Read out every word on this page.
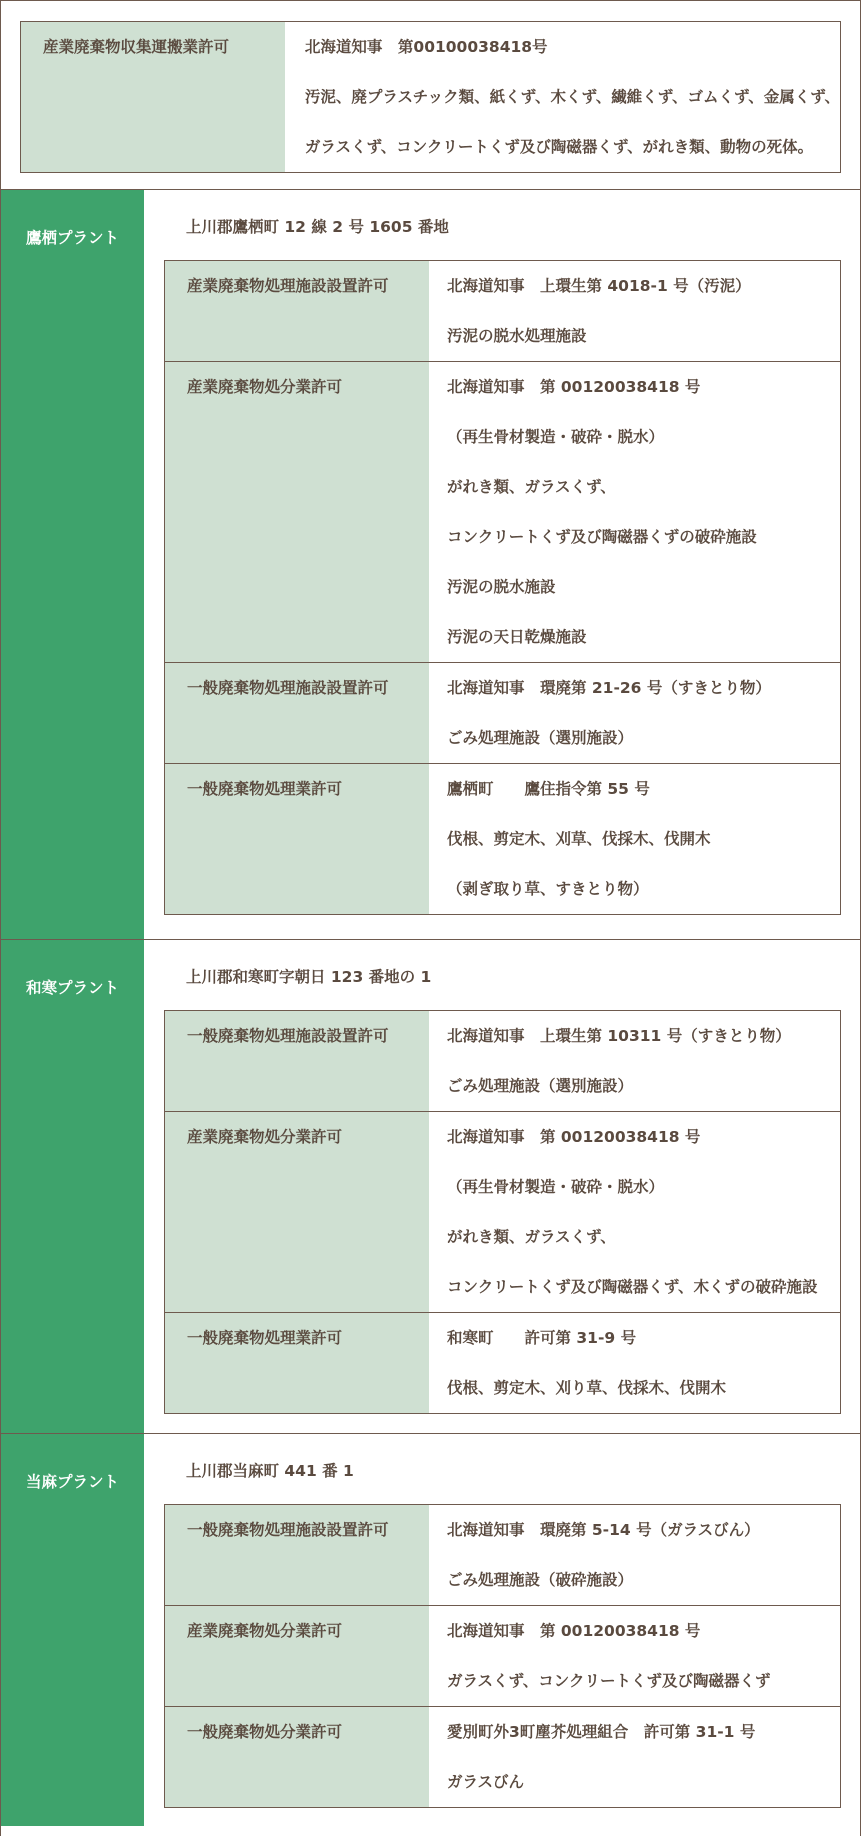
産業廃棄物収集運搬業許可	北海道知事　第00100038418号
汚泥、廃プラスチック類、紙くず、木くず、繊維くず、ゴムくず、金属くず、
ガラスくず、コンクリートくず及び陶磁器くず、がれき類、動物の死体。
鷹栖プラント
上川郡鷹栖町 12 線 2 号 1605 番地
産業廃棄物処理施設設置許可	北海道知事　上環生第 4018-1 号（汚泥）
汚泥の脱水処理施設
産業廃棄物処分業許可	北海道知事　第 00120038418 号
（再生骨材製造・破砕・脱水）
がれき類、ガラスくず、
コンクリートくず及び陶磁器くずの破砕施設
汚泥の脱水施設
汚泥の天日乾燥施設
一般廃棄物処理施設設置許可	北海道知事　環廃第 21-26 号（すきとり物）
ごみ処理施設（選別施設）
一般廃棄物処理業許可	鷹栖町　　鷹住指令第 55 号
伐根、剪定木、刈草、伐採木、伐開木
（剥ぎ取り草、すきとり物）
和寒プラント
上川郡和寒町字朝日 123 番地の 1
一般廃棄物処理施設設置許可	北海道知事　上環生第 10311 号（すきとり物）
ごみ処理施設（選別施設）
産業廃棄物処分業許可	北海道知事　第 00120038418 号
（再生骨材製造・破砕・脱水）
がれき類、ガラスくず、
コンクリートくず及び陶磁器くず、木くずの破砕施設
一般廃棄物処理業許可	和寒町　　許可第 31-9 号
伐根、剪定木、刈り草、伐採木、伐開木
当麻プラント
上川郡当麻町 441 番 1
一般廃棄物処理施設設置許可	北海道知事　環廃第 5-14 号（ガラスびん）
ごみ処理施設（破砕施設）
産業廃棄物処分業許可	北海道知事　第 00120038418 号
ガラスくず、コンクリートくず及び陶磁器くず
一般廃棄物処分業許可	愛別町外3町塵芥処理組合　許可第 31-1 号
ガラスびん
